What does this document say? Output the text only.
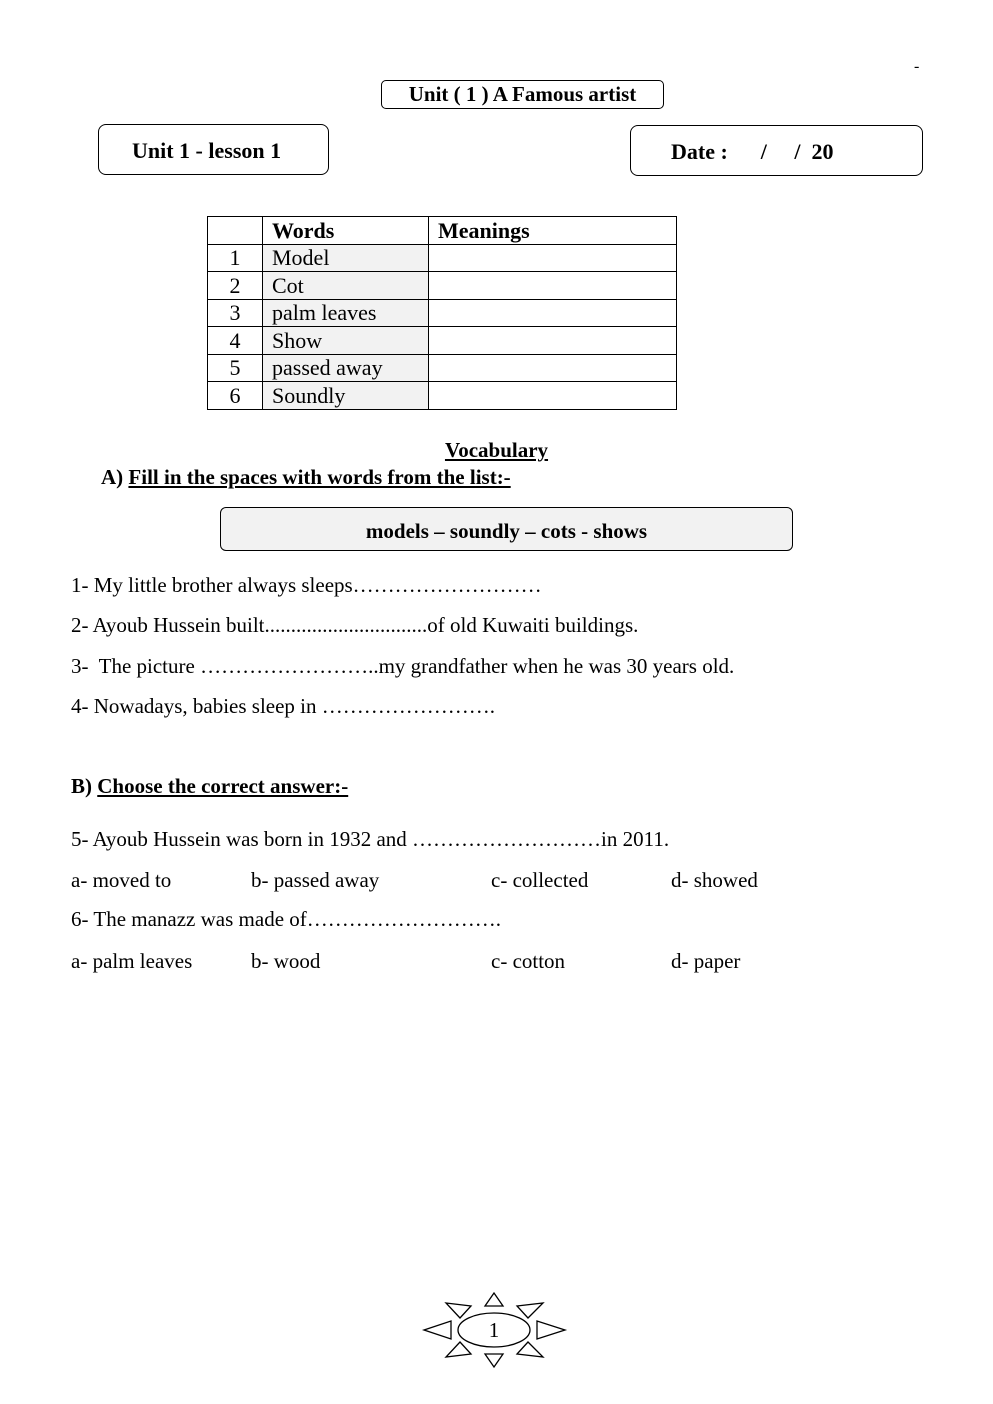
-
Unit ( 1 ) A Famous artist
Unit 1 - lesson 1	Date :      /     /  20
	Words	Meanings
1	Model	
2	Cot	
3	palm leaves	
4	Show	
5	passed away	
6	Soundly	
Vocabulary
A) Fill in the spaces with words from the list:-
models – soundly – cots - shows
1- My little brother always sleeps………………………
2- Ayoub Hussein built...............................of old Kuwaiti buildings.
3-  The picture ……………………..my grandfather when he was 30 years old.
4- Nowadays, babies sleep in …………………….
B) Choose the correct answer:-
5- Ayoub Hussein was born in 1932 and ………………………in 2011.
a- moved to	b- passed away	c- collected	d- showed
6- The manazz was made of……………………….
a- palm leaves	b- wood	c- cotton	d- paper
1
